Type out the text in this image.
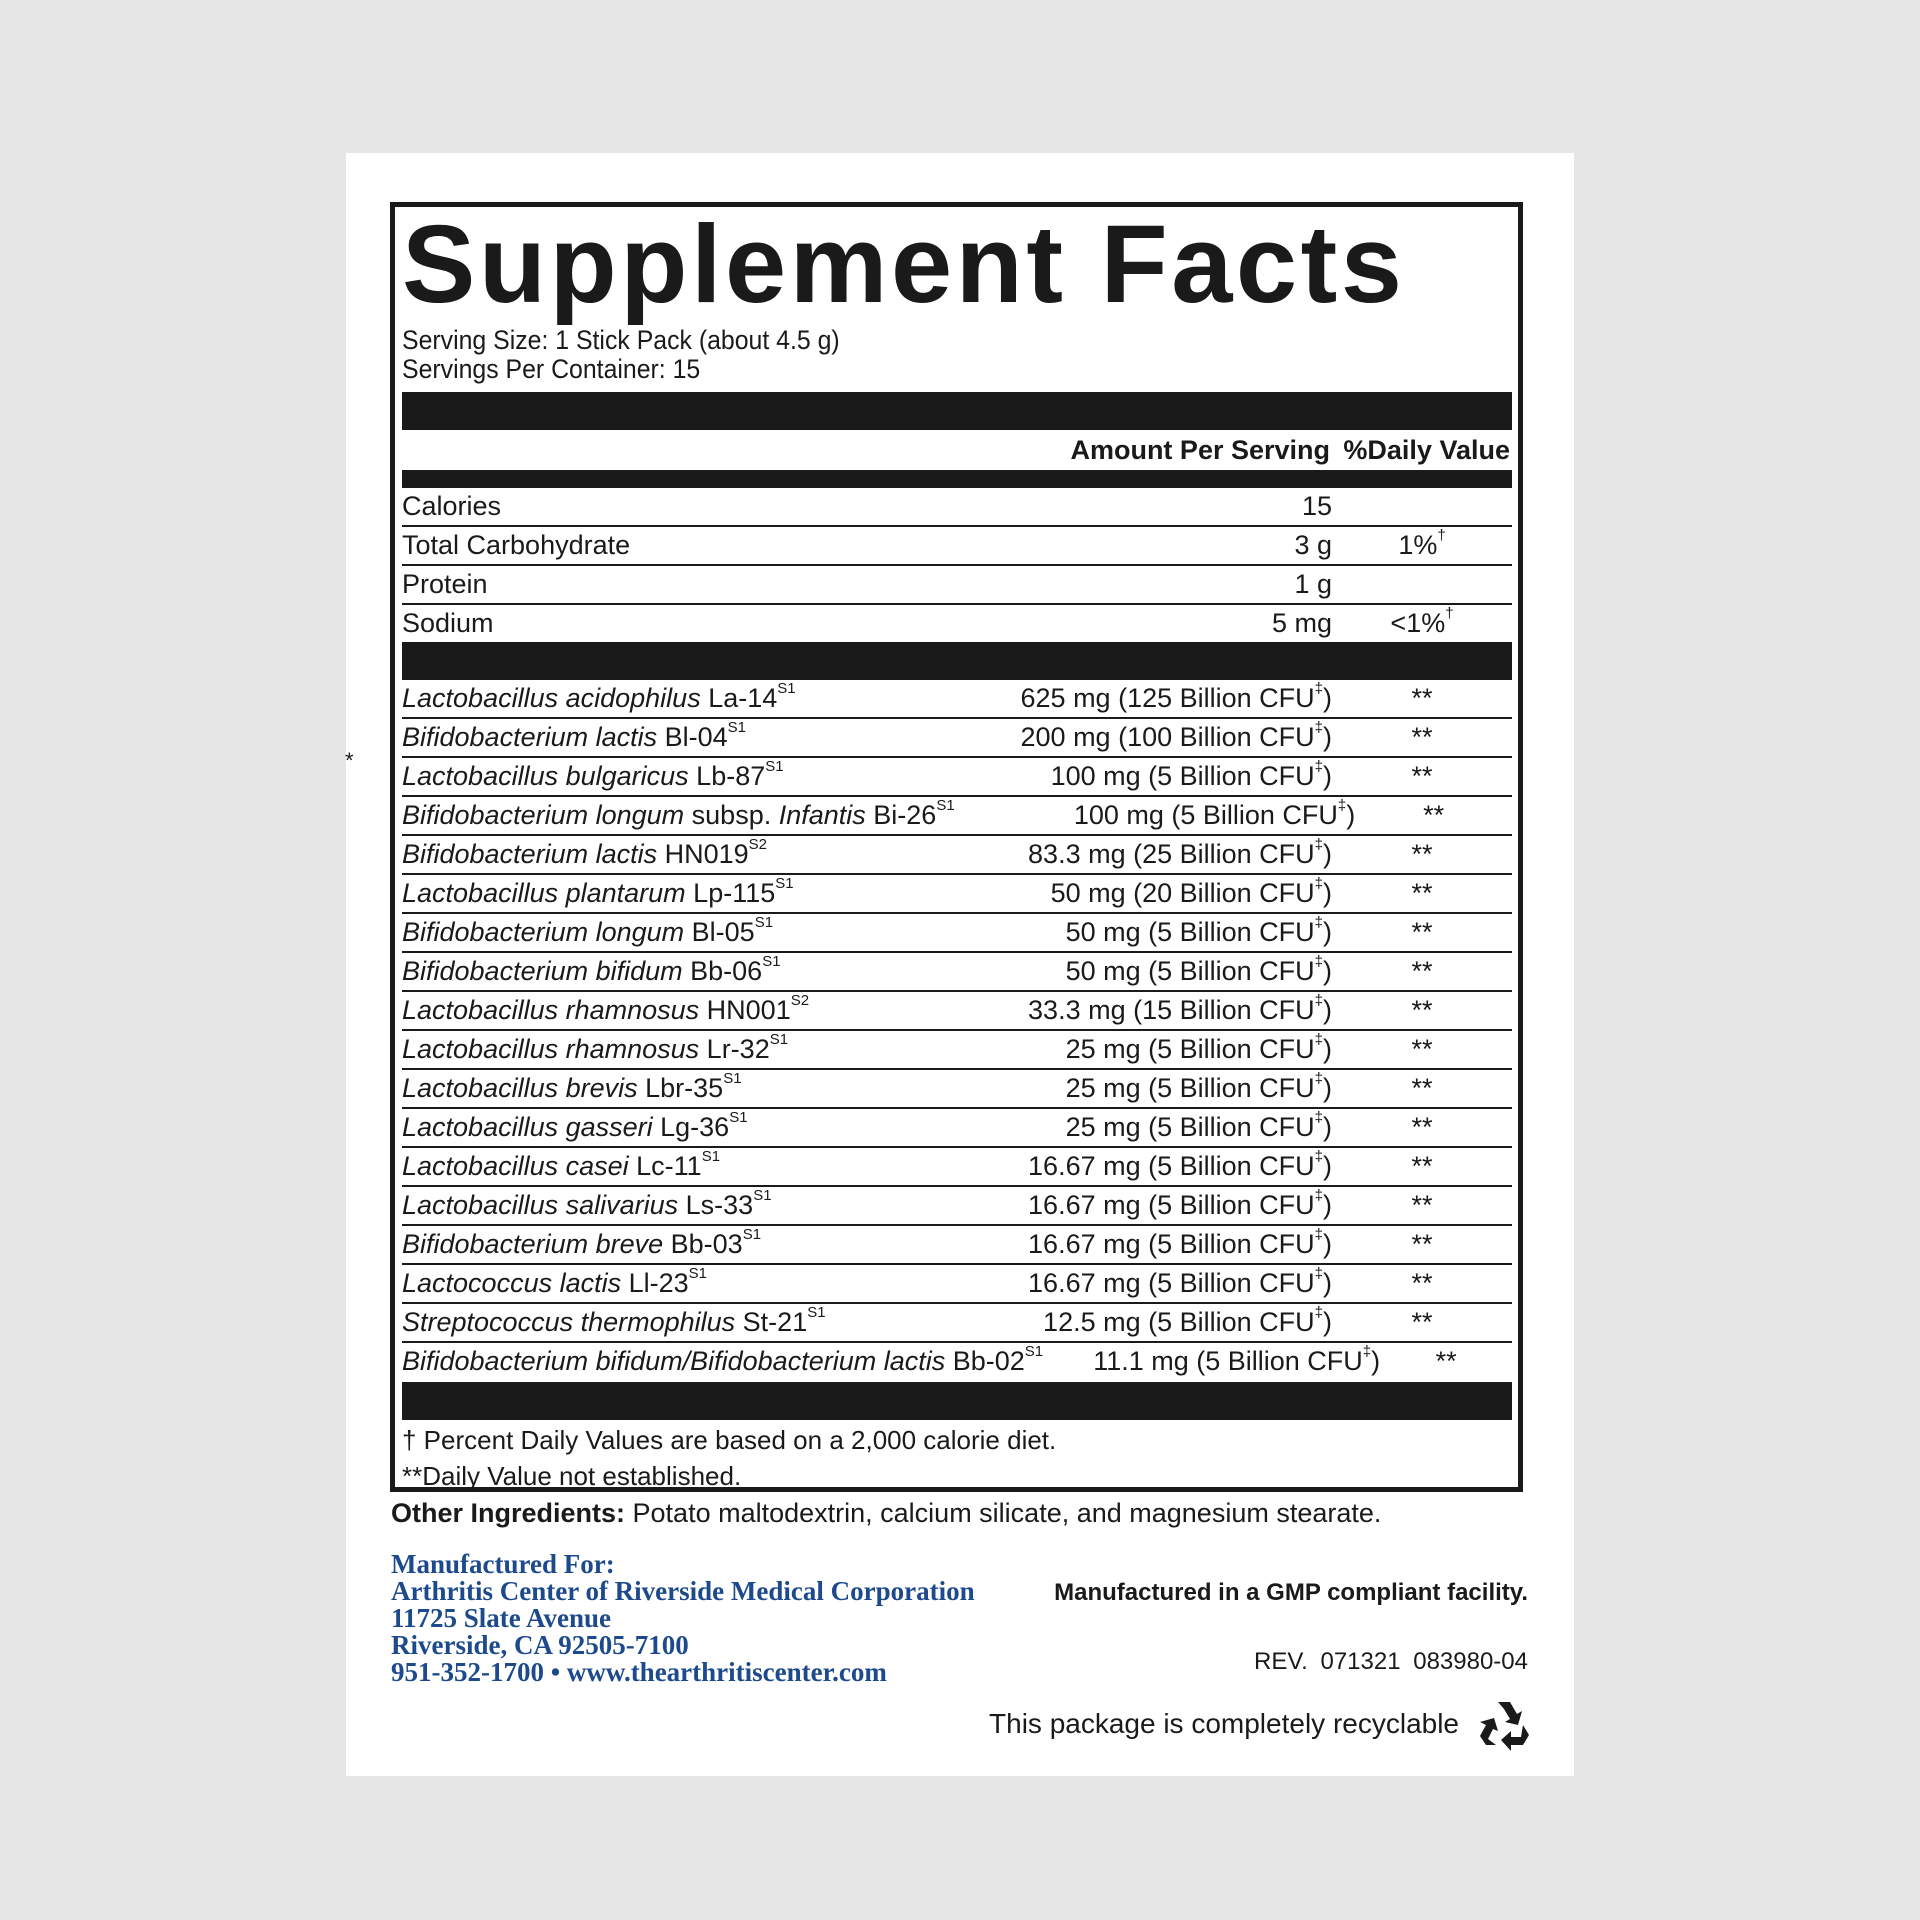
*
Supplement Facts
Serving Size: 1 Stick Pack (about 4.5 g)
Servings Per Container: 15
Amount Per Serving %Daily Value
Calories	15
Total Carbohydrate	3 g	1%†
Protein	1 g
Sodium	5 mg	<1%†
Lactobacillus acidophilus $La-14^{S1}$	625 mg (125 Billion CFU‡)	**
Bifidobacterium lactis $Bl-04^{S1}$	200 mg (100 Billion CFU‡)	**
Lactobacillus bulgaricus $Lb-87^{S1}$	100 mg (5 Billion CFU‡)	**
Bifidobacterium longum subsp. Infantis $Bi-26^{S1}$	100 mg (5 Billion CFU‡)	**
Bifidobacterium lactis $HN019^{S2}$	83.3 mg (25 Billion CFU‡)	**
Lactobacillus plantarum $Lp-115^{S1}$	50 mg (20 Billion CFU‡)	**
Bifidobacterium longum $Bl-05^{S1}$	50 mg (5 Billion CFU‡)	**
Bifidobacterium bifidum $Bb-06^{S1}$	50 mg (5 Billion CFU‡)	**
Lactobacillus rhamnosus $HN001^{S2}$	33.3 mg (15 Billion CFU‡)	**
Lactobacillus rhamnosus $Lr-32^{S1}$	25 mg (5 Billion CFU‡)	**
Lactobacillus brevis Lbr-$35^{S1}$	25 mg (5 Billion CFU‡)	**
Lactobacillus gasseri $Lg-36^{S1}$	25 mg (5 Billion CFU‡)	**
Lactobacillus casei $Lc-11^{S1}$	16.67 mg (5 Billion CFU‡)	**
Lactobacillus salivarius $Ls-33^{S1}$	16.67 mg (5 Billion CFU‡)	**
Bifidobacterium breve $Bb-03^{S1}$	16.67 mg (5 Billion CFU‡)	**
Lactococcus lactis $Ll-23^{S1}$	16.67 mg (5 Billion CFU‡)	**
Streptococcus thermophilus $St-21^{S1}$	12.5 mg (5 Billion CFU‡)	**
Bifidobacterium bifidum/Bifidobacterium lactis $Bb-02^{S1}$	11.1 mg (5 Billion CFU‡)	**
† Percent Daily Values are based on a 2,000 calorie diet.
**Daily Value not established.
Other Ingredients: Potato maltodextrin, calcium silicate, and magnesium stearate.
Manufactured For:
Arthritis Center of Riverside Medical Corporation
11725 Slate Avenue
Riverside, CA 92505-7100
951-352-1700 • www.thearthritiscenter.com
Manufactured in a GMP compliant facility.
REV. 071321 083980-04
This package is completely recyclable
